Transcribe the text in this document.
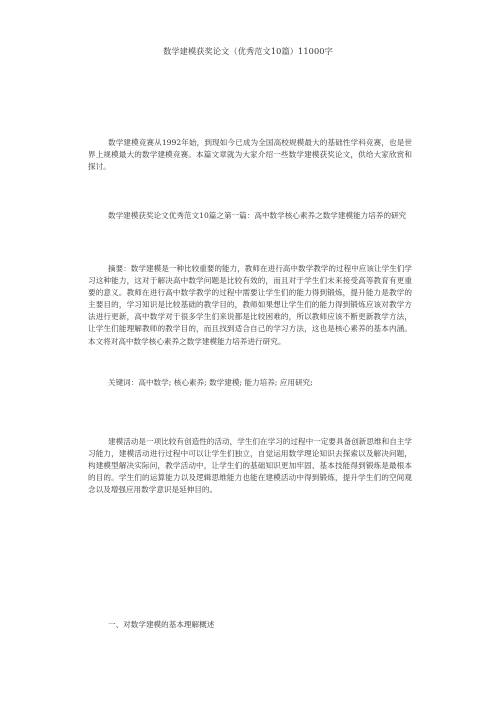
数学建模获奖论文（优秀范文10篇）11000字

数学建模竞赛从1992年始，到现如今已成为全国高校规模最大的基础性学科竞赛，也是世界上规模最大的数学建模竞赛。本篇文章就为大家介绍一些数学建模获奖论文，供给大家欣赏和探讨。

数学建模获奖论文优秀范文10篇之第一篇：高中数学核心素养之数学建模能力培养的研究

摘要：数学建模是一种比较重要的能力，教师在进行高中数学教学的过程中应该让学生们学习这种能力，这对于解决高中数学问题是比较有效的，而且对于学生们未来接受高等教育有更重要的意义。教师在进行高中数学教学的过程中需要让学生们的能力得到锻炼，提升能力是教学的主要目的，学习知识是比较基础的教学目的，教师如果想让学生们的能力得到锻炼应该对教学方法进行更新，高中数学对于很多学生们来说都是比较困难的，所以教师应该不断更新教学方法，让学生们能理解教师的教学目的，而且找到适合自己的学习方法，这也是核心素养的基本内涵。本文将对高中数学核心素养之数学建模能力培养进行研究。

关键词：高中数学; 核心素养; 数学建模; 能力培养; 应用研究;

建模活动是一项比较有创造性的活动，学生们在学习的过程中一定要具备创新思维和自主学习能力，建模活动进行过程中可以让学生们独立，自觉运用数学理论知识去探索以及解决问题，构建模型解决实际问，教学活动中，让学生们的基础知识更加牢固、基本技能得到锻炼是最根本的目的。学生们的运算能力以及逻辑思维能力也能在建模活动中得到锻炼，提升学生们的空间观念以及增强应用数学意识是延伸目的。

一、对数学建模的基本理解概述
